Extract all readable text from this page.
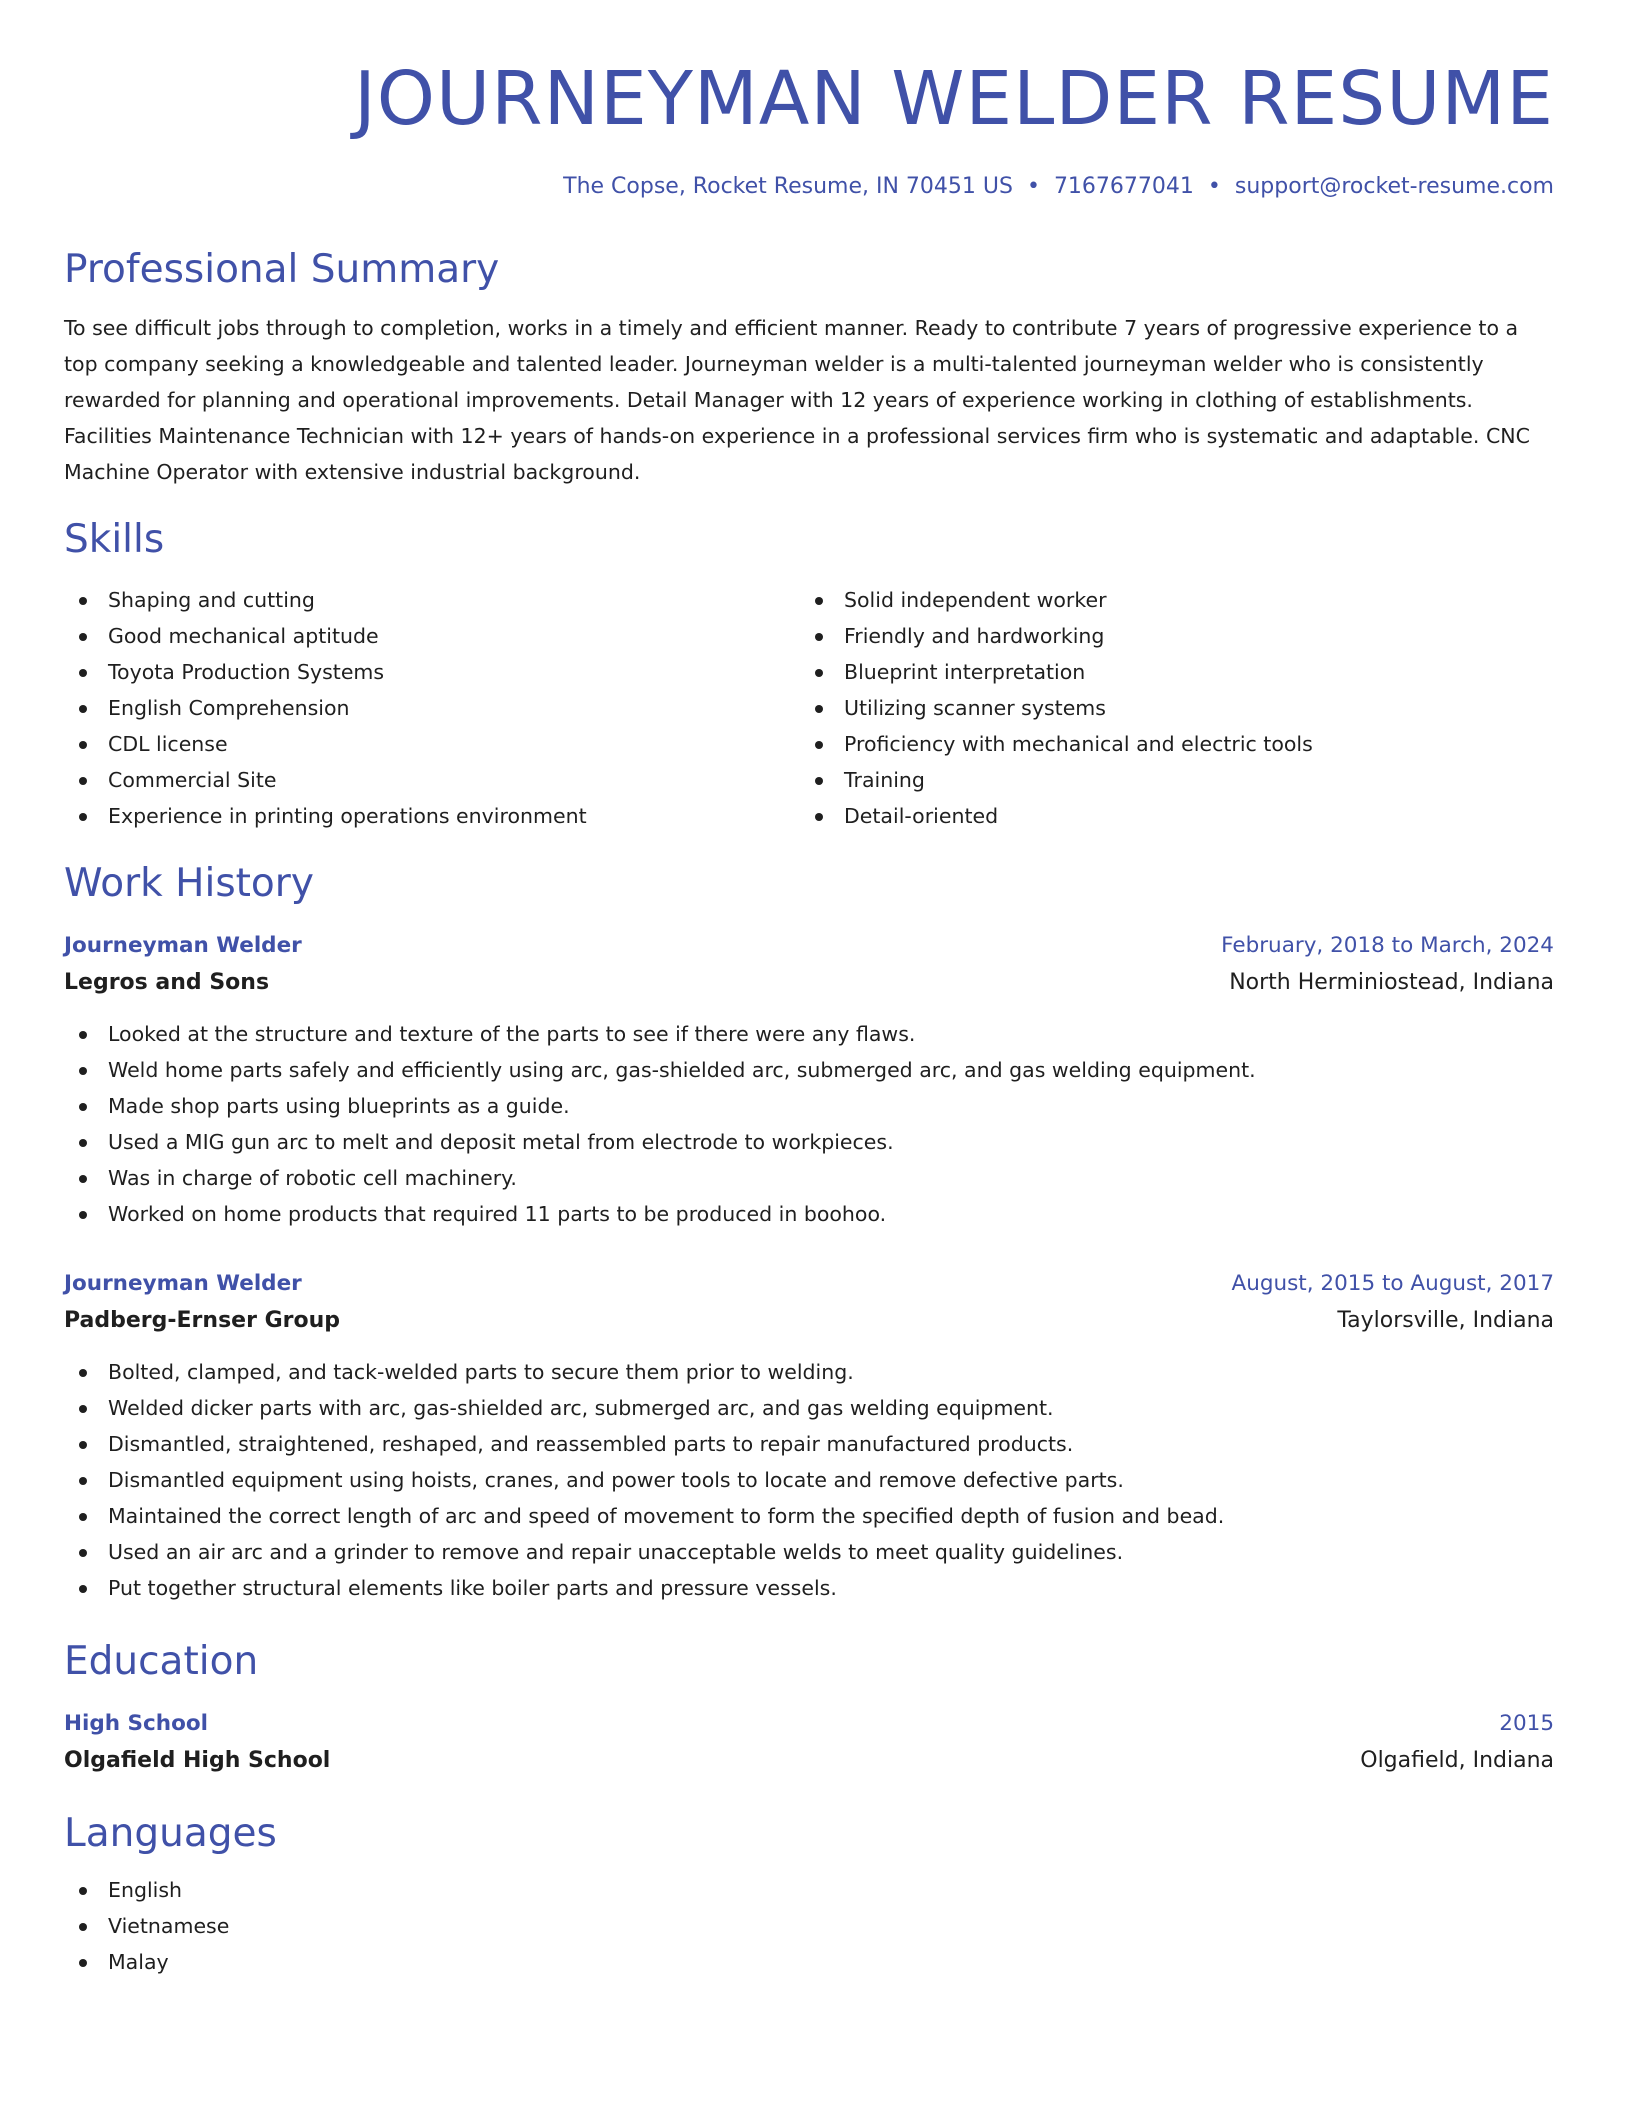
JOURNEYMAN WELDER RESUME
The Copse, Rocket Resume, IN 70451 US • 7167677041 • support@rocket-resume.com
Professional Summary
To see difficult jobs through to completion, works in a timely and efficient manner. Ready to contribute 7 years of progressive experience to a top company seeking a knowledgeable and talented leader. Journeyman welder is a multi-talented journeyman welder who is consistently rewarded for planning and operational improvements. Detail Manager with 12 years of experience working in clothing of establishments. Facilities Maintenance Technician with 12+ years of hands-on experience in a professional services firm who is systematic and adaptable. CNC Machine Operator with extensive industrial background.
Skills
Shaping and cutting
Good mechanical aptitude
Toyota Production Systems
English Comprehension
CDL license
Commercial Site
Experience in printing operations environment
Solid independent worker
Friendly and hardworking
Blueprint interpretation
Utilizing scanner systems
Proficiency with mechanical and electric tools
Training
Detail-oriented
Work History
Journeyman Welder	February, 2018 to March, 2024
Legros and Sons	North Herminiostead, Indiana
Looked at the structure and texture of the parts to see if there were any flaws.
Weld home parts safely and efficiently using arc, gas-shielded arc, submerged arc, and gas welding equipment.
Made shop parts using blueprints as a guide.
Used a MIG gun arc to melt and deposit metal from electrode to workpieces.
Was in charge of robotic cell machinery.
Worked on home products that required 11 parts to be produced in boohoo.
Journeyman Welder	August, 2015 to August, 2017
Padberg-Ernser Group	Taylorsville, Indiana
Bolted, clamped, and tack-welded parts to secure them prior to welding.
Welded dicker parts with arc, gas-shielded arc, submerged arc, and gas welding equipment.
Dismantled, straightened, reshaped, and reassembled parts to repair manufactured products.
Dismantled equipment using hoists, cranes, and power tools to locate and remove defective parts.
Maintained the correct length of arc and speed of movement to form the specified depth of fusion and bead.
Used an air arc and a grinder to remove and repair unacceptable welds to meet quality guidelines.
Put together structural elements like boiler parts and pressure vessels.
Education
High School	2015
Olgafield High School	Olgafield, Indiana
Languages
English
Vietnamese
Malay
